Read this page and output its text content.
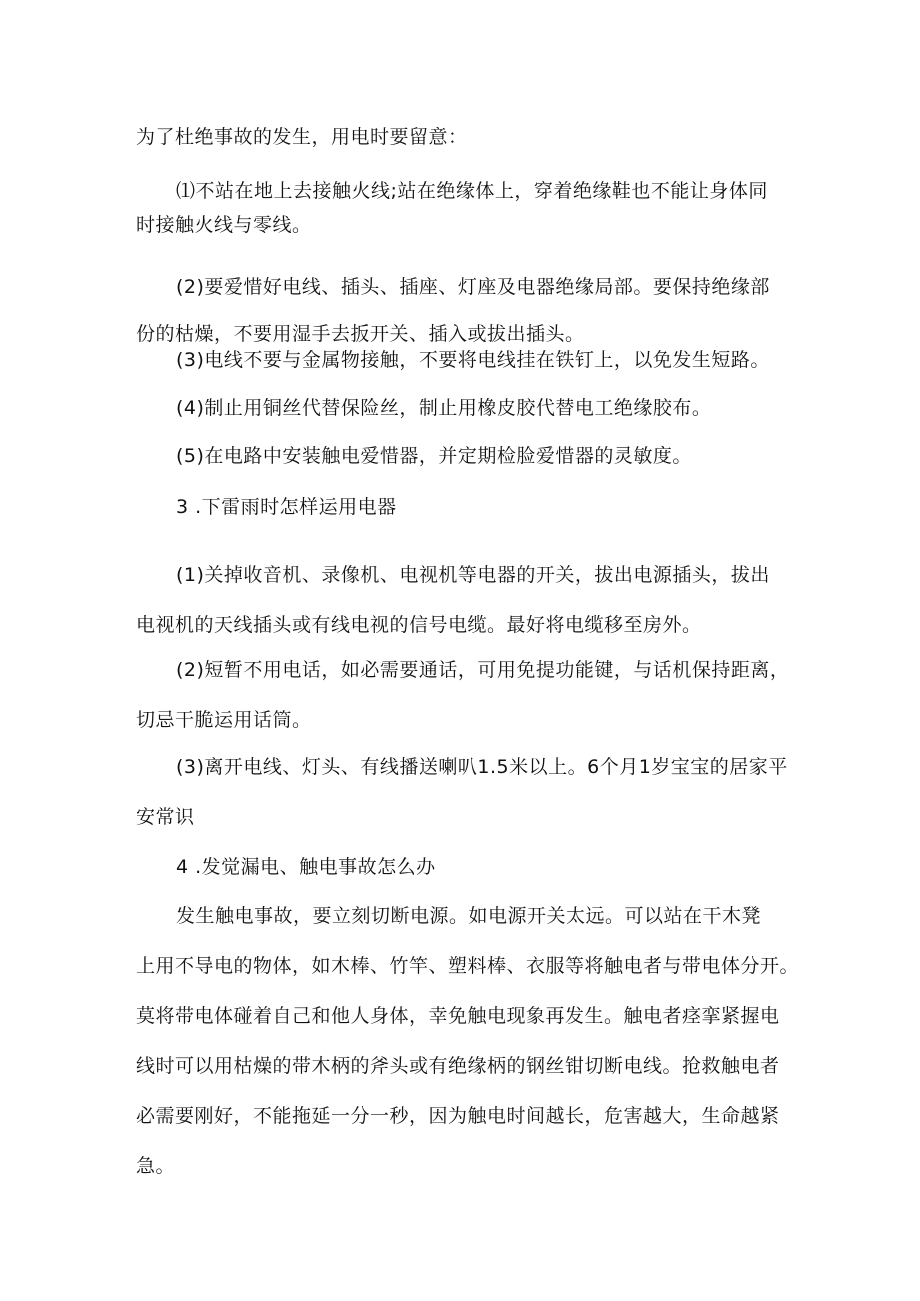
为了杜绝事故的发生，用电时要留意：
⑴不站在地上去接触火线;站在绝缘体上，穿着绝缘鞋也不能让身体同
时接触火线与零线。
(2)要爱惜好电线、插头、插座、灯座及电器绝缘局部。要保持绝缘部
份的枯燥，不要用湿手去扳开关、插入或拔出插头。
(3)电线不要与金属物接触，不要将电线挂在铁钉上，以免发生短路。
(4)制止用铜丝代替保险丝，制止用橡皮胶代替电工绝缘胶布。
(5)在电路中安装触电爱惜器，并定期检脸爱惜器的灵敏度。
3 .下雷雨时怎样运用电器
(1)关掉收音机、录像机、电视机等电器的开关，拔出电源插头，拔出
电视机的天线插头或有线电视的信号电缆。最好将电缆移至房外。
(2)短暂不用电话，如必需要通话，可用免提功能键，与话机保持距离，
切忌干脆运用话筒。
(3)离开电线、灯头、有线播送喇叭1.5米以上。6个月1岁宝宝的居家平
安常识
4 .发觉漏电、触电事故怎么办
发生触电事故，要立刻切断电源。如电源开关太远。可以站在干木凳
上用不导电的物体，如木棒、竹竿、塑料棒、衣服等将触电者与带电体分开。
莫将带电体碰着自己和他人身体，幸免触电现象再发生。触电者痉挛紧握电
线时可以用枯燥的带木柄的斧头或有绝缘柄的钢丝钳切断电线。抢救触电者
必需要刚好，不能拖延一分一秒，因为触电时间越长，危害越大，生命越紧
急。
